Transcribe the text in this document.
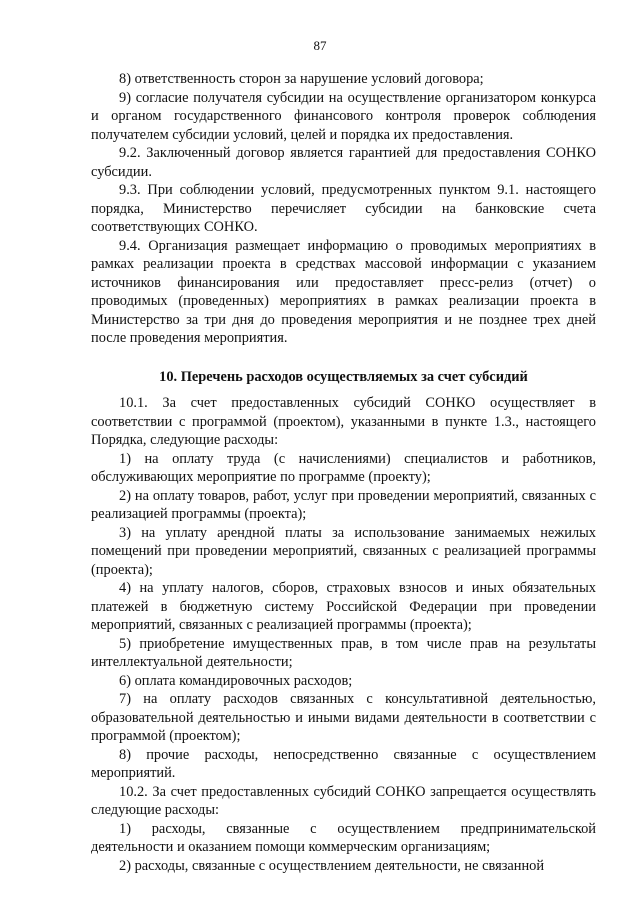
87

8) ответственность сторон за нарушение условий договора;

9) согласие получателя субсидии на осуществление организатором конкурса и органом государственного финансового контроля проверок соблюдения получателем субсидии условий, целей и порядка их предоставления.

9.2. Заключенный договор является гарантией для предоставления СОНКО субсидии.

9.3. При соблюдении условий, предусмотренных пунктом 9.1. настоящего порядка, Министерство перечисляет субсидии на банковские счета соответствующих СОНКО.

9.4. Организация размещает информацию о проводимых мероприятиях в рамках реализации проекта в средствах массовой информации с указанием источников финансирования или предоставляет пресс-релиз (отчет) о проводимых (проведенных) мероприятиях в рамках реализации проекта в Министерство за три дня до проведения мероприятия и не позднее трех дней после проведения мероприятия.

10. Перечень расходов осуществляемых за счет субсидий

10.1. За счет предоставленных субсидий СОНКО осуществляет в соответствии с программой (проектом), указанными в пункте 1.3., настоящего Порядка, следующие расходы:

1) на оплату труда (с начислениями) специалистов и работников, обслуживающих мероприятие по программе (проекту);

2) на оплату товаров, работ, услуг при проведении мероприятий, связанных с реализацией программы (проекта);

3) на уплату арендной платы за использование занимаемых нежилых помещений при проведении мероприятий, связанных с реализацией программы (проекта);

4) на уплату налогов, сборов, страховых взносов и иных обязательных платежей в бюджетную систему Российской Федерации при проведении мероприятий, связанных с реализацией программы (проекта);

5) приобретение имущественных прав, в том числе прав на результаты интеллектуальной деятельности;

6) оплата командировочных расходов;

7) на оплату расходов связанных с консультативной деятельностью, образовательной деятельностью и иными видами деятельности в соответствии с программой (проектом);

8) прочие расходы, непосредственно связанные с осуществлением мероприятий.

10.2. За счет предоставленных субсидий СОНКО запрещается осуществлять следующие расходы:

1) расходы, связанные с осуществлением предпринимательской деятельности и оказанием помощи коммерческим организациям;

2) расходы, связанные с осуществлением деятельности, не связанной
